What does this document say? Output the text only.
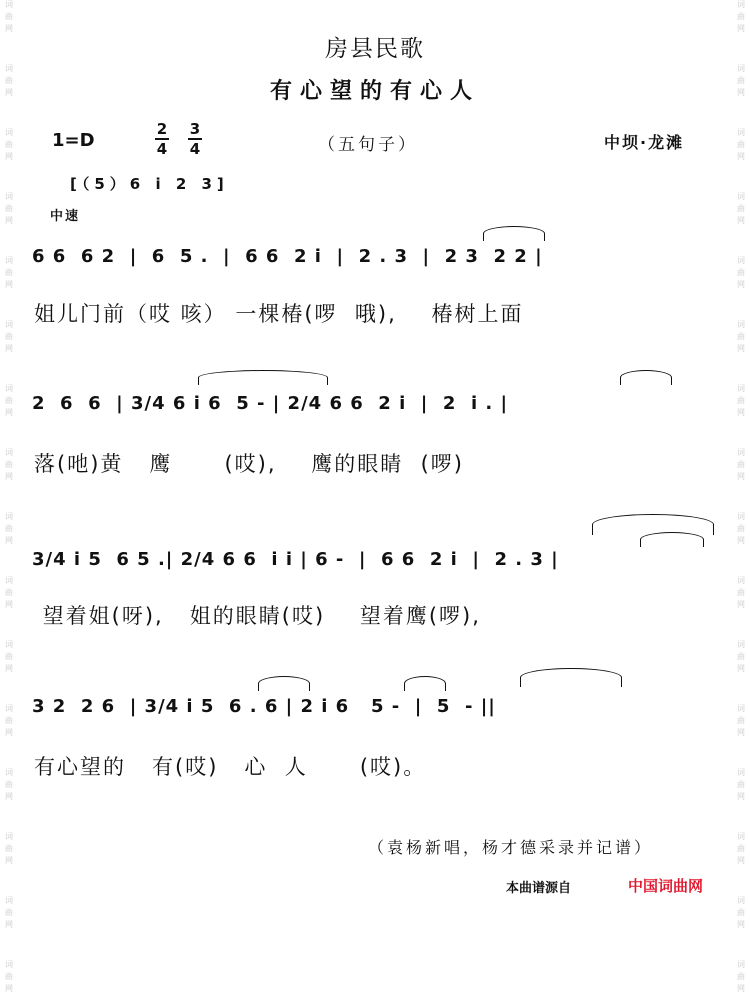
词
曲
网
词
曲
网
词
曲
网
词
曲
网
词
曲
网
词
曲
网
词
曲
网
词
曲
网
词
曲
网
词
曲
网
词
曲
网
词
曲
网
词
曲
网
词
曲
网
词
曲
网
词
曲
网
词
曲
网
词
曲
网
词
曲
网
词
曲
网
词
曲
网
词
曲
网
词
曲
网
词
曲
网
词
曲
网
词
曲
网
词
曲
网
词
曲
网
词
曲
网
词
曲
网
词
曲
网
词
曲
网
房县民歌
有心望的有心人
1=D
2
4
3
4	（五句子）	中坝·龙滩
[（5）6 i 2 3]
中速
6 6  6 2  |  6  5 .  |  6 6  2 i  |  2 . 3  |  2 3  2 2 |
姐儿门前（哎 咳） 一棵椿(啰  哦),    椿树上面
2  6  6  | 3/4 6 i 6  5 - | 2/4 6 6  2 i  |  2  i . |
落(吔)黄   鹰      (哎),    鹰的眼睛  (啰)
3/4 i 5  6 5 .| 2/4 6 6  i i | 6 -  |  6 6  2 i  |  2 . 3 |
望着姐(呀),   姐的眼睛(哎)    望着鹰(啰),
3 2  2 6  | 3/4 i 5  6 . 6 | 2 i 6   5 -  |  5  - ||
有心望的   有(哎)   心  人      (哎)。
（袁杨新唱，杨才德采录并记谱）
本曲谱源自	中国词曲网
